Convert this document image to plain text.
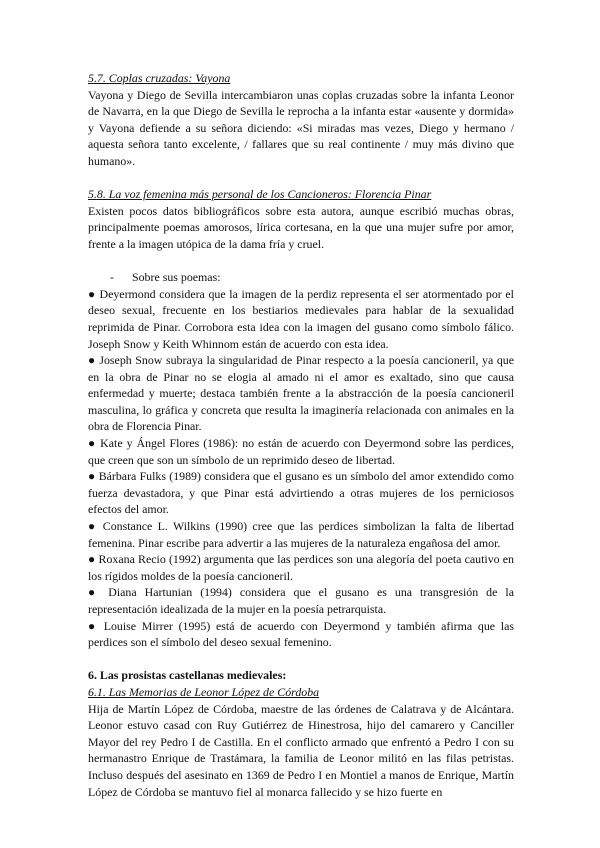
5.7. Coplas cruzadas: Vayona

Vayona y Diego de Sevilla intercambiaron unas coplas cruzadas sobre la infanta Leonor de Navarra, en la que Diego de Sevilla le reprocha a la infanta estar «ausente y dormida» y Vayona defiende a su señora diciendo: «Si miradas mas vezes, Diego y hermano / aquesta señora tanto excelente, / fallares que su real continente / muy más divino que humano».

5.8. La voz femenina más personal de los Cancioneros: Florencia Pinar

Existen pocos datos bibliográficos sobre esta autora, aunque escribió muchas obras, principalmente poemas amorosos, lírica cortesana, en la que una mujer sufre por amor, frente a la imagen utópica de la dama fría y cruel.

- Sobre sus poemas:

● Deyermond considera que la imagen de la perdiz representa el ser atormentado por el deseo sexual, frecuente en los bestiarios medievales para hablar de la sexualidad reprimida de Pinar. Corrobora esta idea con la imagen del gusano como símbolo fálico. Joseph Snow y Keith Whinnom están de acuerdo con esta idea.

● Joseph Snow subraya la singularidad de Pinar respecto a la poesía cancioneril, ya que en la obra de Pinar no se elogia al amado ni el amor es exaltado, sino que causa enfermedad y muerte; destaca también frente a la abstracción de la poesía cancioneril masculina, lo gráfica y concreta que resulta la imaginería relacionada con animales en la obra de Florencia Pinar.

● Kate y Ángel Flores (1986): no están de acuerdo con Deyermond sobre las perdices, que creen que son un símbolo de un reprimido deseo de libertad.

● Bárbara Fulks (1989) considera que el gusano es un símbolo del amor extendido como fuerza devastadora, y que Pinar está advirtiendo a otras mujeres de los perniciosos efectos del amor.

● Constance L. Wilkins (1990) cree que las perdices simbolizan la falta de libertad femenina. Pinar escribe para advertir a las mujeres de la naturaleza engañosa del amor.

● Roxana Recio (1992) argumenta que las perdices son una alegoría del poeta cautivo en los rígidos moldes de la poesía cancioneril.

● Diana Hartunian (1994) considera que el gusano es una transgresión de la representación idealizada de la mujer en la poesía petrarquista.

● Louise Mirrer (1995) está de acuerdo con Deyermond y también afirma que las perdices son el símbolo del deseo sexual femenino.

6. Las prosistas castellanas medievales:

6.1. Las Memorias de Leonor López de Córdoba

Hija de Martín López de Córdoba, maestre de las órdenes de Calatrava y de Alcántara. Leonor estuvo casad con Ruy Gutiérrez de Hinestrosa, hijo del camarero y Canciller Mayor del rey Pedro I de Castilla. En el conflicto armado que enfrentó a Pedro I con su hermanastro Enrique de Trastámara, la familia de Leonor militó en las filas petristas. Incluso después del asesinato en 1369 de Pedro I en Montiel a manos de Enrique, Martín López de Córdoba se mantuvo fiel al monarca fallecido y se hizo fuerte en
